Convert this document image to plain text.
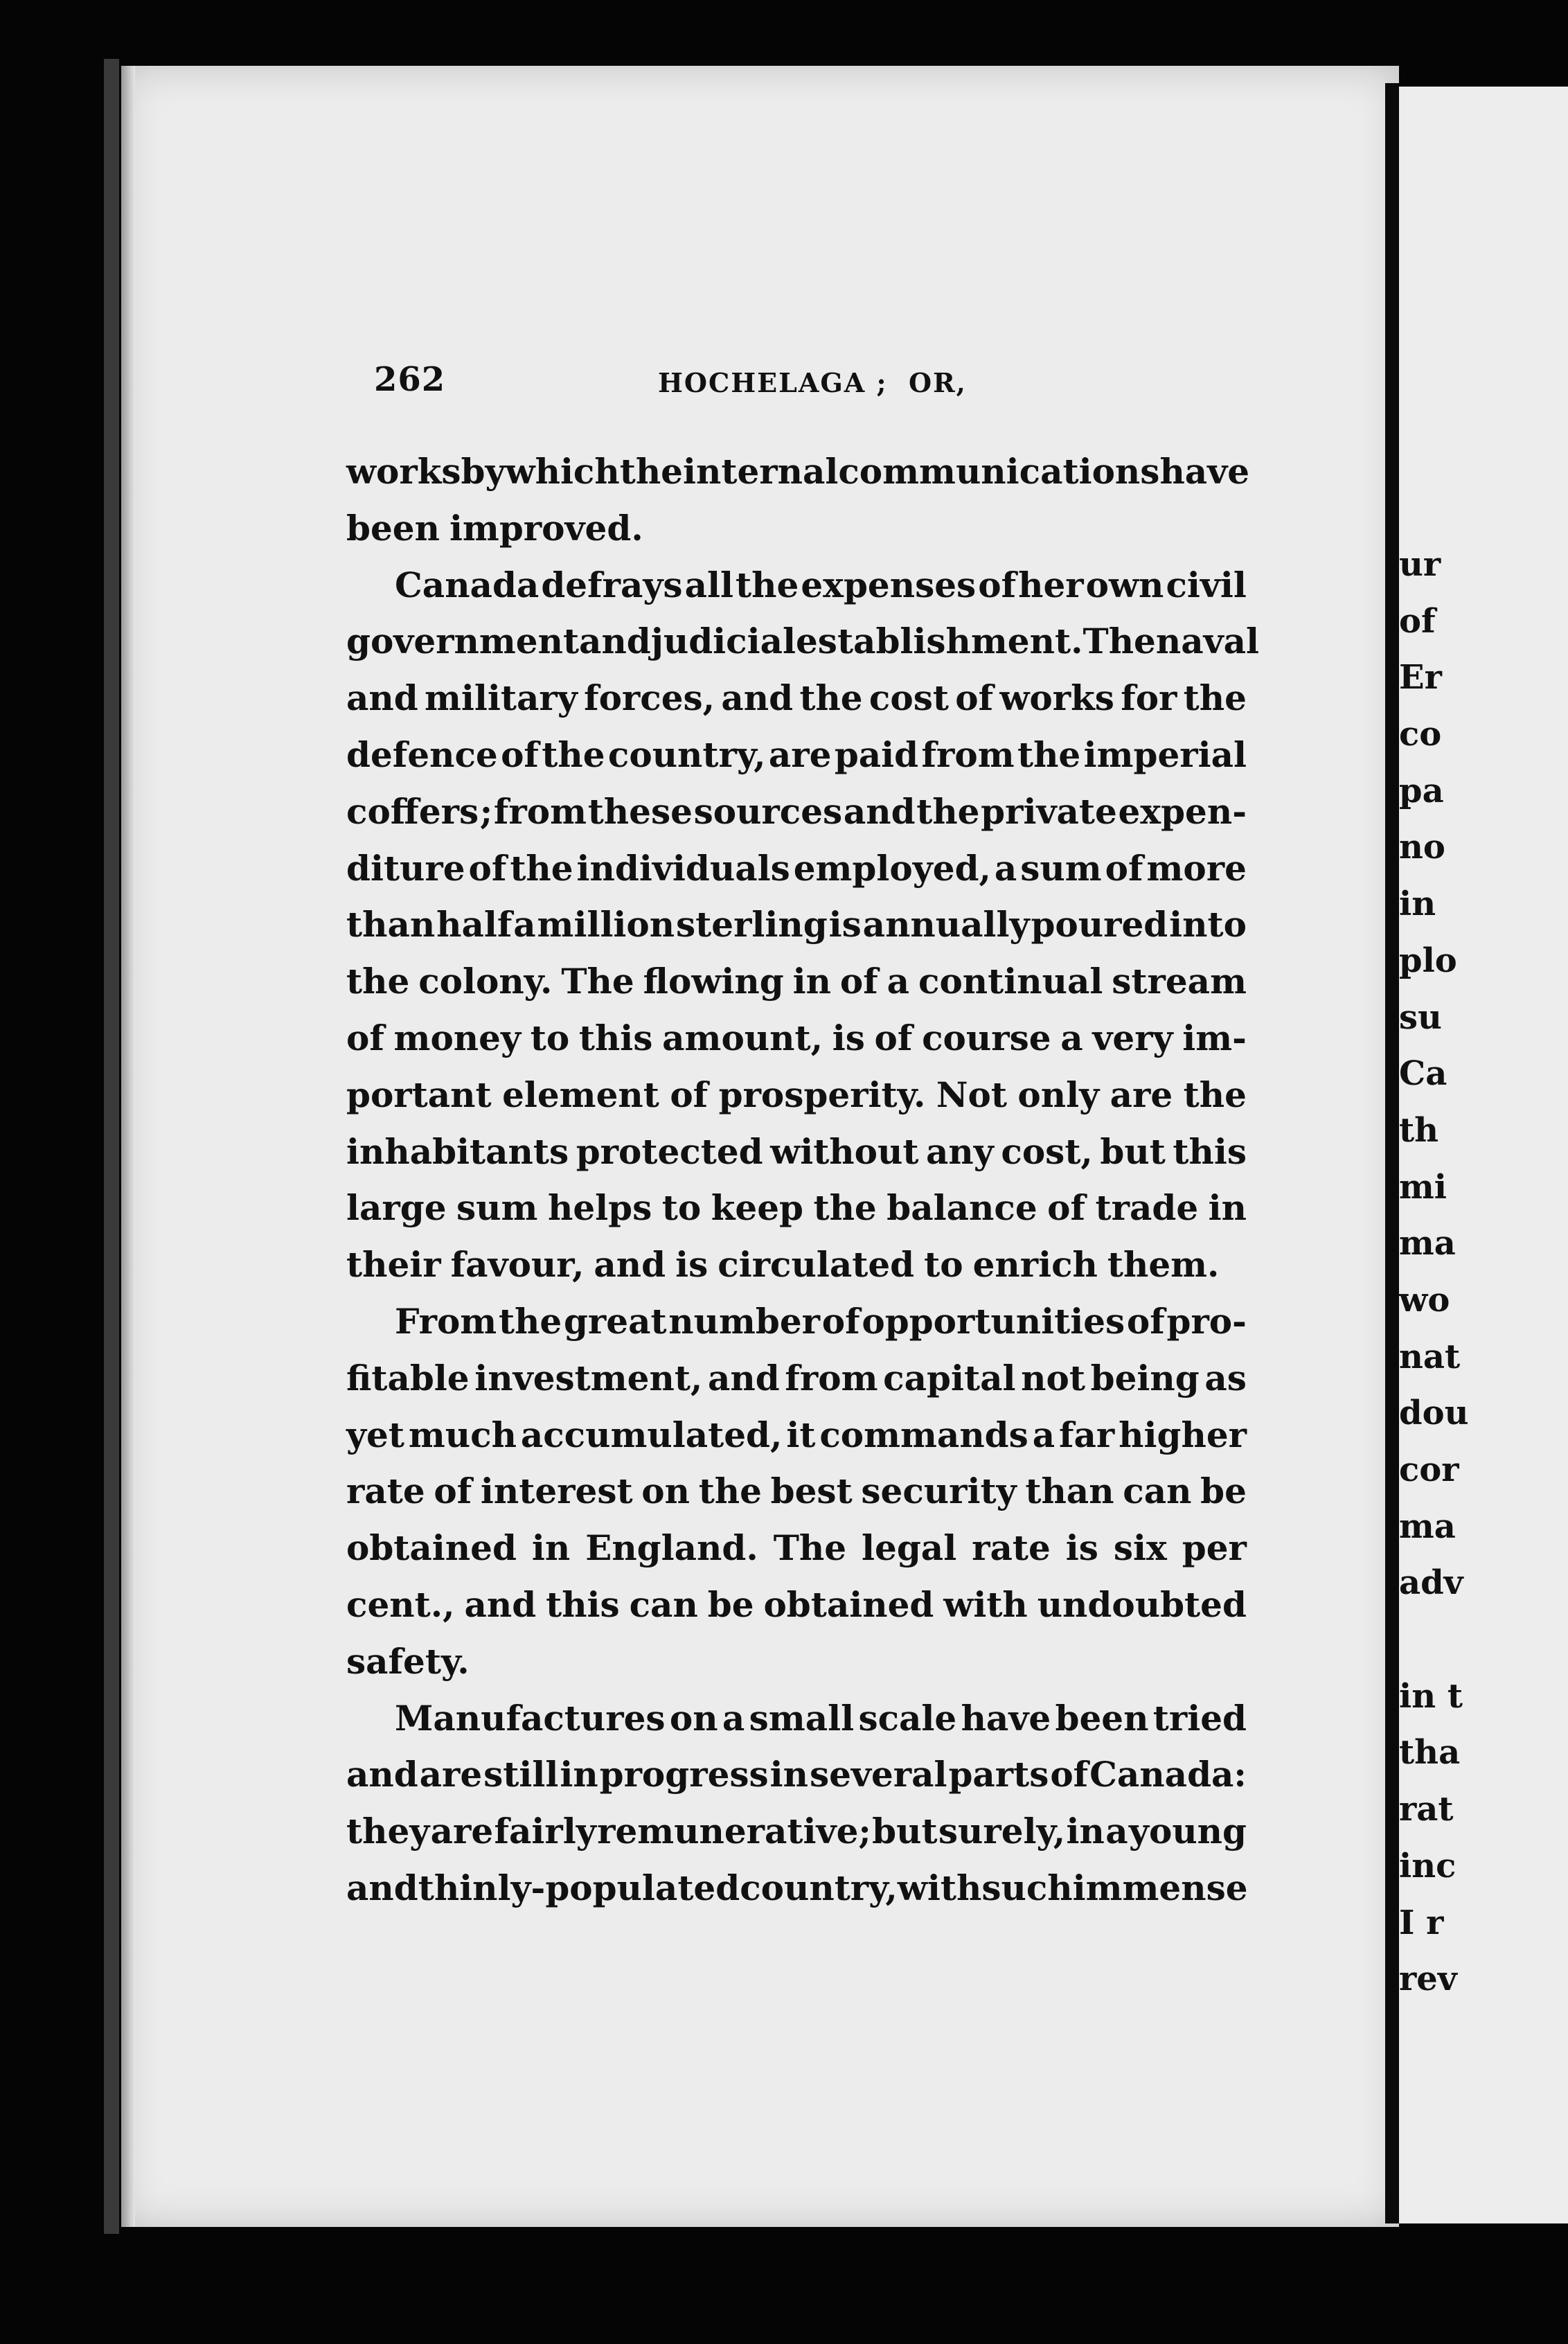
262	HOCHELAGA ;  OR,
works by which the internal communications have
been improved.
Canada defrays all the expenses of her own civil
government and judicial establishment. The naval
and military forces, and the cost of works for the
defence of the country, are paid from the imperial
coffers ; from these sources and the private expen-
diture of the individuals employed, a sum of more
than half a million sterling is annually poured into
the colony. The flowing in of a continual stream
of money to this amount, is of course a very im-
portant element of prosperity. Not only are the
inhabitants protected without any cost, but this
large sum helps to keep the balance of trade in
their favour, and is circulated to enrich them.
From the great number of opportunities of pro-
fitable investment, and from capital not being as
yet much accumulated, it commands a far higher
rate of interest on the best security than can be
obtained in England. The legal rate is six per
cent., and this can be obtained with undoubted
safety.
Manufactures on a small scale have been tried
and are still in progress in several parts of Canada:
they are fairly remunerative; but surely, in a young
and thinly-populated country, with such immense
ur
of
Er
co
pa
no
in
plo
su
Ca
th
mi
ma
wo
nat
dou
cor
ma
adv
in t
tha
rat
inc
I r
rev
